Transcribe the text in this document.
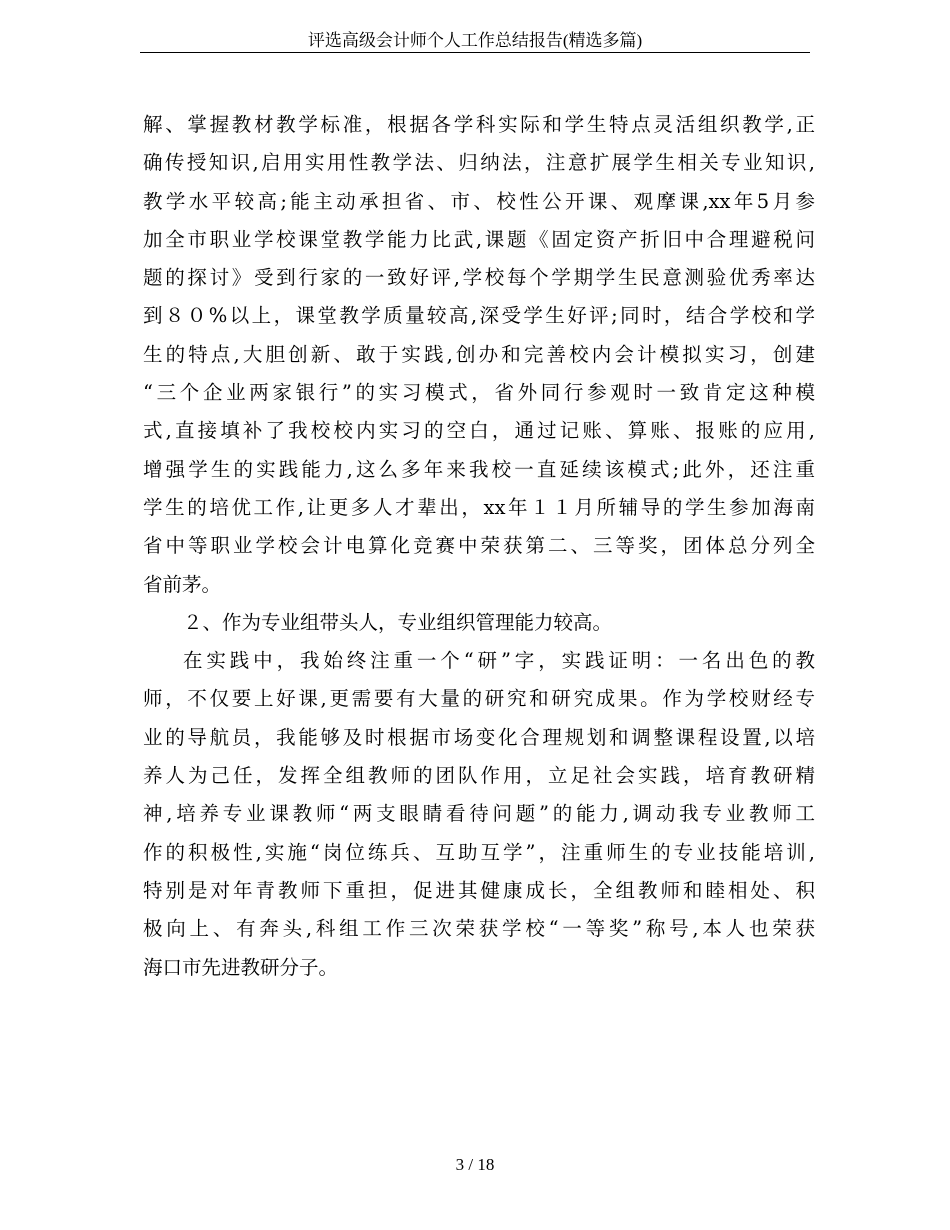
评选高级会计师个人工作总结报告(精选多篇)
解、掌握教材教学标准，根据各学科实际和学生特点灵活组织教学,正
确传授知识,启用实用性教学法、归纳法，注意扩展学生相关专业知识,
教学水平较高;能主动承担省、市、校性公开课、观摩课,xx年5月参
加全市职业学校课堂教学能力比武,课题《固定资产折旧中合理避税问
题的探讨》受到行家的一致好评,学校每个学期学生民意测验优秀率达
到８０%以上，课堂教学质量较高,深受学生好评;同时，结合学校和学
生的特点,大胆创新、敢于实践,创办和完善校内会计模拟实习，创建
“三个企业两家银行”的实习模式，省外同行参观时一致肯定这种模
式,直接填补了我校校内实习的空白，通过记账、算账、报账的应用,
增强学生的实践能力,这么多年来我校一直延续该模式;此外，还注重
学生的培优工作,让更多人才辈出，xx年１１月所辅导的学生参加海南
省中等职业学校会计电算化竞赛中荣获第二、三等奖，团体总分列全
省前茅。
２、作为专业组带头人，专业组织管理能力较高。
在实践中，我始终注重一个“研”字，实践证明：一名出色的教
师，不仅要上好课,更需要有大量的研究和研究成果。作为学校财经专
业的导航员，我能够及时根据市场变化合理规划和调整课程设置,以培
养人为己任，发挥全组教师的团队作用，立足社会实践，培育教研精
神,培养专业课教师“两支眼睛看待问题”的能力,调动我专业教师工
作的积极性,实施“岗位练兵、互助互学”，注重师生的专业技能培训,
特别是对年青教师下重担，促进其健康成长，全组教师和睦相处、积
极向上、有奔头,科组工作三次荣获学校“一等奖”称号,本人也荣获
海口市先进教研分子。
3 / 18
